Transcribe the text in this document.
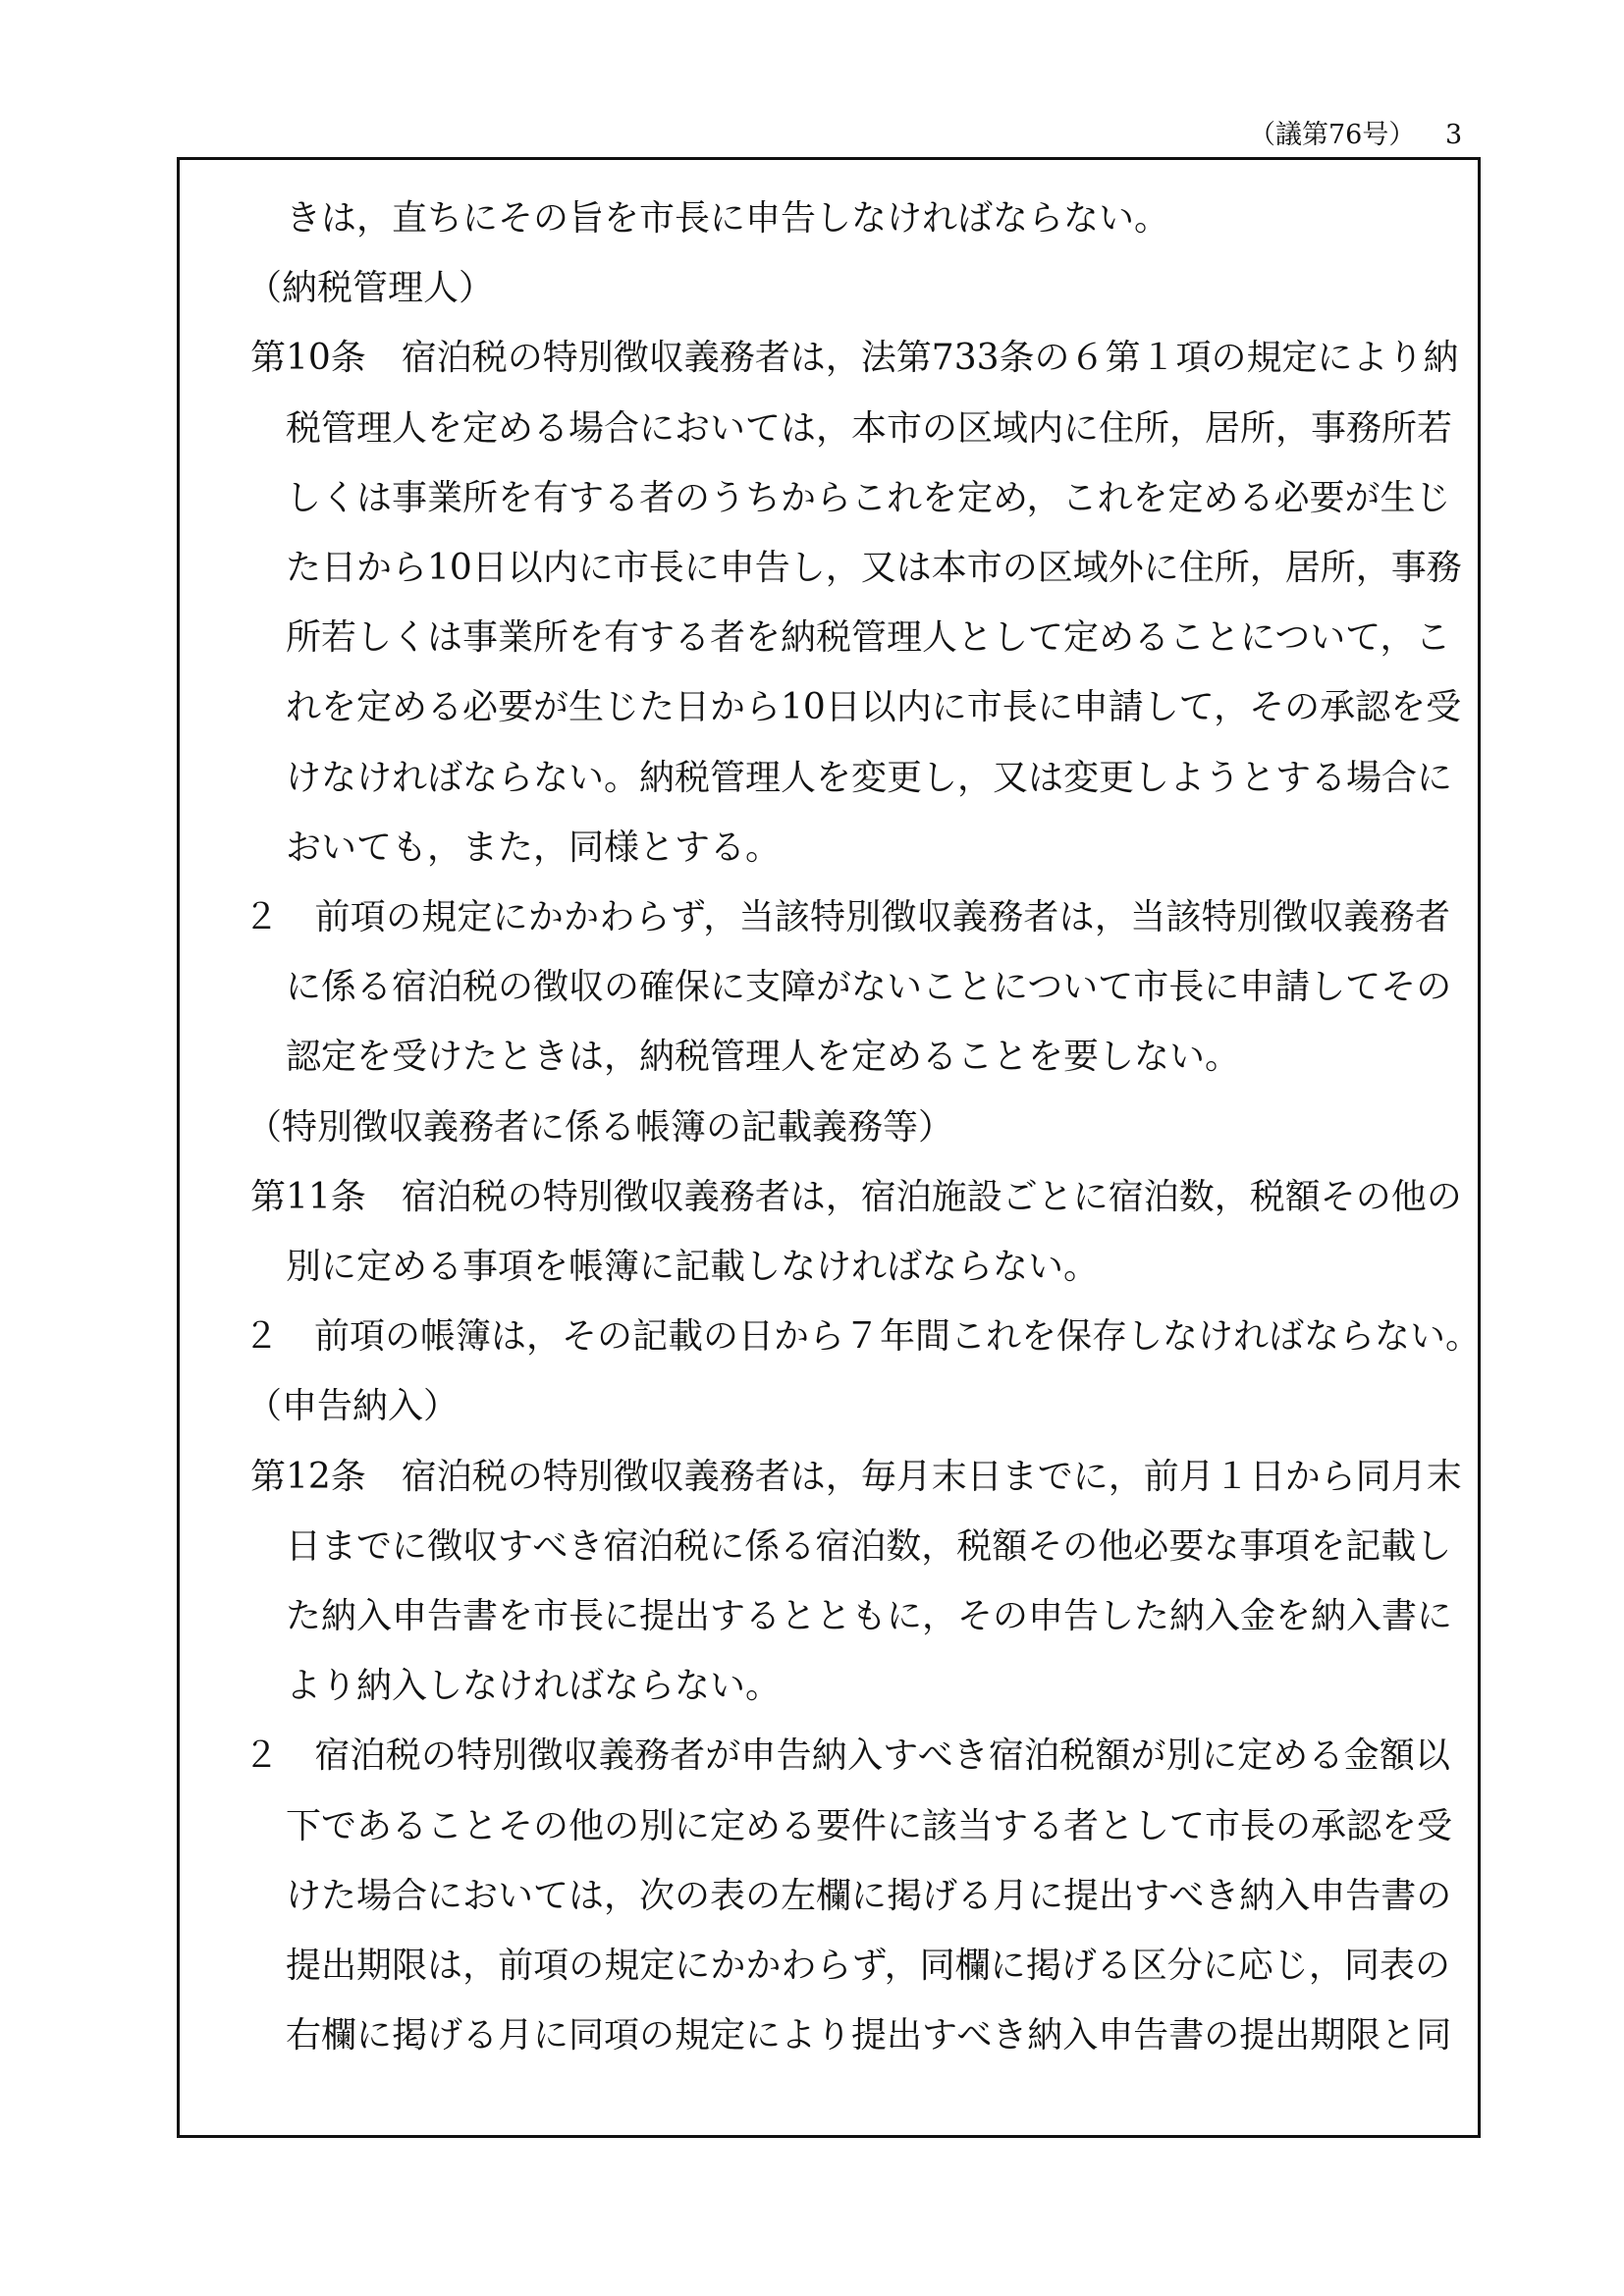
（議第76号） 3
きは，直ちにその旨を市長に申告しなければならない。
（納税管理人）
第10条　宿泊税の特別徴収義務者は，法第733条の６第１項の規定により納
税管理人を定める場合においては，本市の区域内に住所，居所，事務所若
しくは事業所を有する者のうちからこれを定め，これを定める必要が生じ
た日から10日以内に市長に申告し，又は本市の区域外に住所，居所，事務
所若しくは事業所を有する者を納税管理人として定めることについて，こ
れを定める必要が生じた日から10日以内に市長に申請して，その承認を受
けなければならない。納税管理人を変更し，又は変更しようとする場合に
おいても，また，同様とする。
２　前項の規定にかかわらず，当該特別徴収義務者は，当該特別徴収義務者
に係る宿泊税の徴収の確保に支障がないことについて市長に申請してその
認定を受けたときは，納税管理人を定めることを要しない。
（特別徴収義務者に係る帳簿の記載義務等）
第11条　宿泊税の特別徴収義務者は，宿泊施設ごとに宿泊数，税額その他の
別に定める事項を帳簿に記載しなければならない。
２　前項の帳簿は，その記載の日から７年間これを保存しなければならない。
（申告納入）
第12条　宿泊税の特別徴収義務者は，毎月末日までに，前月１日から同月末
日までに徴収すべき宿泊税に係る宿泊数，税額その他必要な事項を記載し
た納入申告書を市長に提出するとともに，その申告した納入金を納入書に
より納入しなければならない。
２　宿泊税の特別徴収義務者が申告納入すべき宿泊税額が別に定める金額以
下であることその他の別に定める要件に該当する者として市長の承認を受
けた場合においては，次の表の左欄に掲げる月に提出すべき納入申告書の
提出期限は，前項の規定にかかわらず，同欄に掲げる区分に応じ，同表の
右欄に掲げる月に同項の規定により提出すべき納入申告書の提出期限と同
